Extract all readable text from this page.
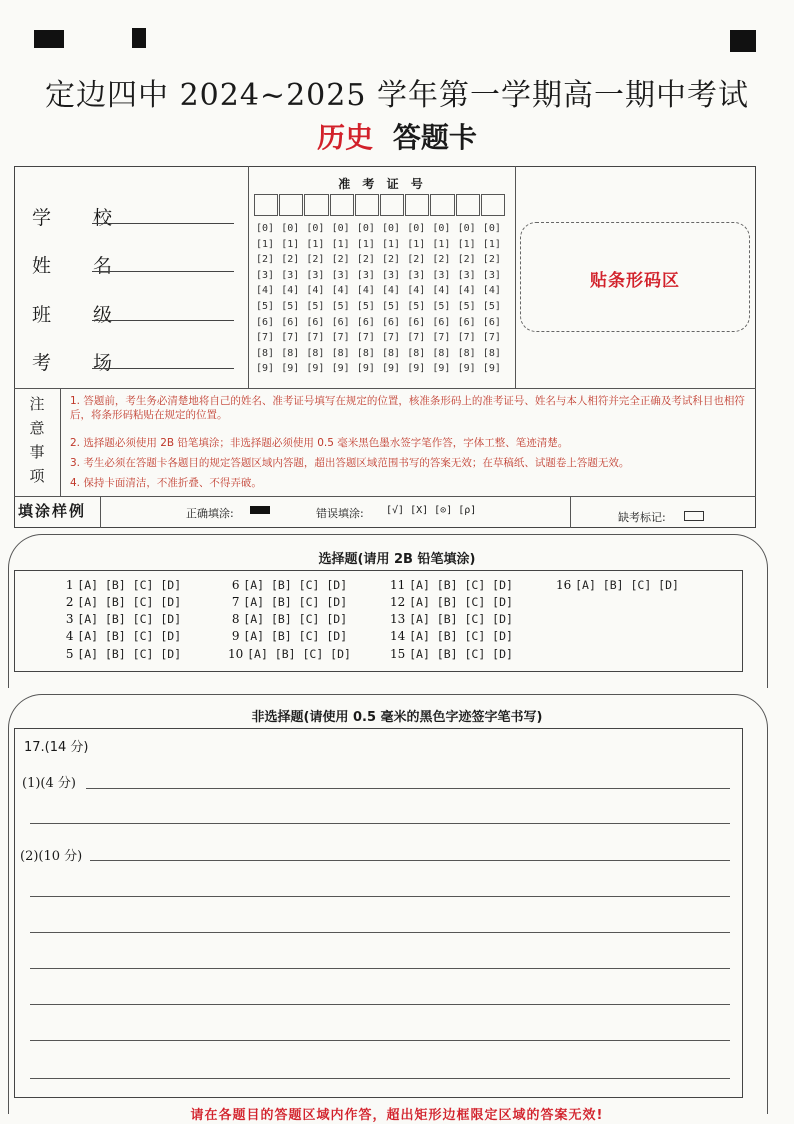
定边四中 2024~2025 学年第一学期高一期中考试
历史 答题卡
学 校
姓 名
班 级
考 场
准 考 证 号
[0]
[1]
[2]
[3]
[4]
[5]
[6]
[7]
[8]
[9]
[0]
[1]
[2]
[3]
[4]
[5]
[6]
[7]
[8]
[9]
[0]
[1]
[2]
[3]
[4]
[5]
[6]
[7]
[8]
[9]
[0]
[1]
[2]
[3]
[4]
[5]
[6]
[7]
[8]
[9]
[0]
[1]
[2]
[3]
[4]
[5]
[6]
[7]
[8]
[9]
[0]
[1]
[2]
[3]
[4]
[5]
[6]
[7]
[8]
[9]
[0]
[1]
[2]
[3]
[4]
[5]
[6]
[7]
[8]
[9]
[0]
[1]
[2]
[3]
[4]
[5]
[6]
[7]
[8]
[9]
[0]
[1]
[2]
[3]
[4]
[5]
[6]
[7]
[8]
[9]
[0]
[1]
[2]
[3]
[4]
[5]
[6]
[7]
[8]
[9]
贴条形码区
注意事项
1. 答题前，考生务必清楚地将自己的姓名、准考证号填写在规定的位置，核准条形码上的准考证号、姓名与本人相符并完全正确及考试科目也相符后，将条形码粘贴在规定的位置。
2. 选择题必须使用 2B 铅笔填涂；非选择题必须使用 0.5 毫米黑色墨水签字笔作答，字体工整、笔迹清楚。
3. 考生必须在答题卡各题目的规定答题区域内答题，超出答题区域范围书写的答案无效；在草稿纸、试题卷上答题无效。
4. 保持卡面清洁，不准折叠、不得弄破。
填涂样例	正确填涂:	错误填涂: [√] [X] [⊙] [ρ]
缺考标记:
选择题(请用 2B 铅笔填涂)
1 [A] [B] [C] [D]
2 [A] [B] [C] [D]
3 [A] [B] [C] [D]
4 [A] [B] [C] [D]
5 [A] [B] [C] [D]
6 [A] [B] [C] [D]
7 [A] [B] [C] [D]
8 [A] [B] [C] [D]
9 [A] [B] [C] [D]
10 [A] [B] [C] [D]
11 [A] [B] [C] [D]
12 [A] [B] [C] [D]
13 [A] [B] [C] [D]
14 [A] [B] [C] [D]
15 [A] [B] [C] [D]
16 [A] [B] [C] [D]
非选择题(请使用 0.5 毫米的黑色字迹签字笔书写)
17.(14 分)
(1)(4 分)
(2)(10 分)
请在各题目的答题区域内作答，超出矩形边框限定区域的答案无效!
